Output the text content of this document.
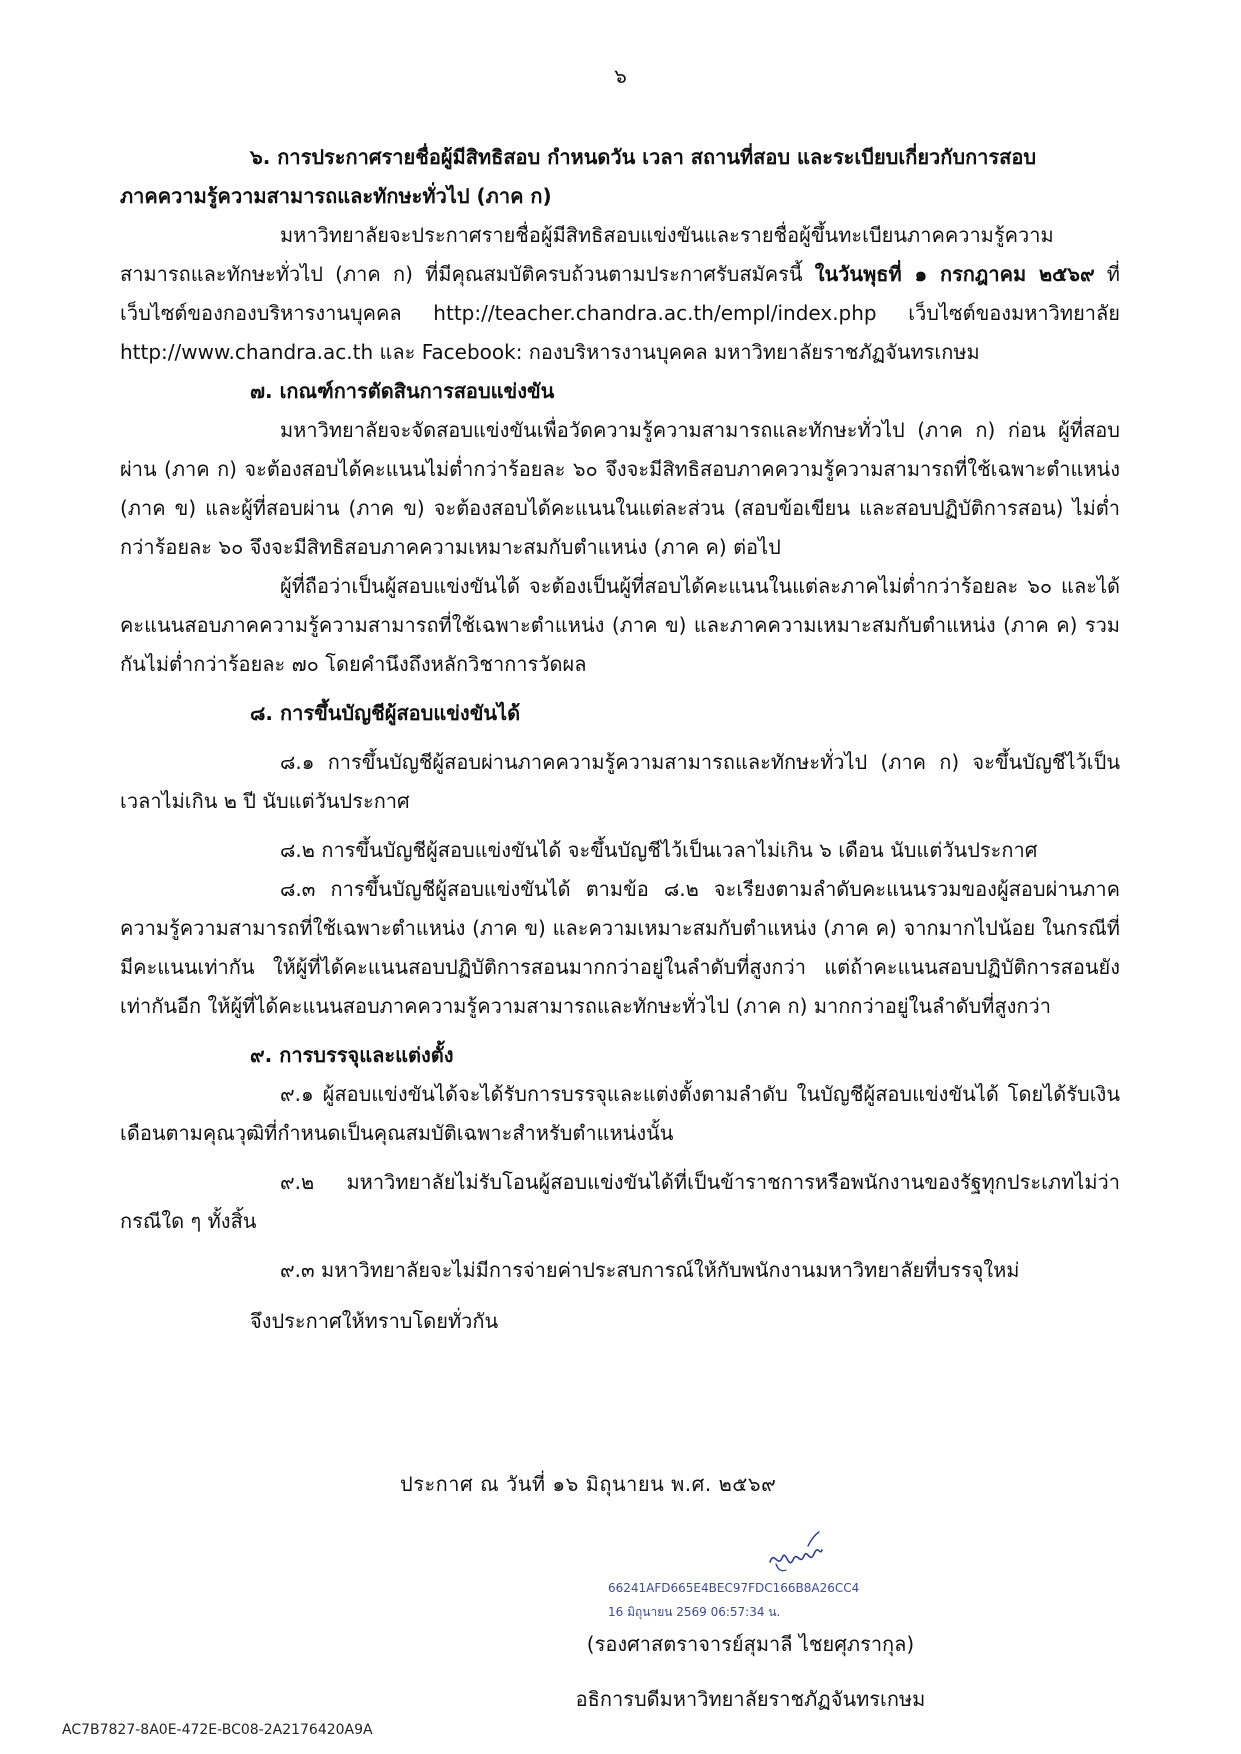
๖

๖. การประกาศรายชื่อผู้มีสิทธิสอบ กำหนดวัน เวลา สถานที่สอบ และระเบียบเกี่ยวกับการสอบ

ภาคความรู้ความสามารถและทักษะทั่วไป (ภาค ก)

มหาวิทยาลัยจะประกาศรายชื่อผู้มีสิทธิสอบแข่งขันและรายชื่อผู้ขึ้นทะเบียนภาคความรู้ความสามารถและทักษะทั่วไป (ภาค ก) ที่มีคุณสมบัติครบถ้วนตามประกาศรับสมัครนี้ ในวันพุธที่ ๑ กรกฎาคม ๒๕๖๙ ที่เว็บไซต์ของกองบริหารงานบุคคล http://teacher.chandra.ac.th/empl/index.php เว็บไซต์ของมหาวิทยาลัย http://www.chandra.ac.th และ Facebook: กองบริหารงานบุคคล มหาวิทยาลัยราชภัฏจันทรเกษม

๗. เกณฑ์การตัดสินการสอบแข่งขัน

มหาวิทยาลัยจะจัดสอบแข่งขันเพื่อวัดความรู้ความสามารถและทักษะทั่วไป (ภาค ก) ก่อน ผู้ที่สอบผ่าน (ภาค ก) จะต้องสอบได้คะแนนไม่ต่ำกว่าร้อยละ ๖๐ จึงจะมีสิทธิสอบภาคความรู้ความสามารถที่ใช้เฉพาะตำแหน่ง (ภาค ข) และผู้ที่สอบผ่าน (ภาค ข) จะต้องสอบได้คะแนนในแต่ละส่วน (สอบข้อเขียน และสอบปฏิบัติการสอน) ไม่ต่ำกว่าร้อยละ ๖๐ จึงจะมีสิทธิสอบภาคความเหมาะสมกับตำแหน่ง (ภาค ค) ต่อไป

ผู้ที่ถือว่าเป็นผู้สอบแข่งขันได้ จะต้องเป็นผู้ที่สอบได้คะแนนในแต่ละภาคไม่ต่ำกว่าร้อยละ ๖๐ และได้คะแนนสอบภาคความรู้ความสามารถที่ใช้เฉพาะตำแหน่ง (ภาค ข) และภาคความเหมาะสมกับตำแหน่ง (ภาค ค) รวมกันไม่ต่ำกว่าร้อยละ ๗๐ โดยคำนึงถึงหลักวิชาการวัดผล

๘. การขึ้นบัญชีผู้สอบแข่งขันได้

๘.๑ การขึ้นบัญชีผู้สอบผ่านภาคความรู้ความสามารถและทักษะทั่วไป (ภาค ก) จะขึ้นบัญชีไว้เป็นเวลาไม่เกิน ๒ ปี นับแต่วันประกาศ

๘.๒ การขึ้นบัญชีผู้สอบแข่งขันได้ จะขึ้นบัญชีไว้เป็นเวลาไม่เกิน ๖ เดือน นับแต่วันประกาศ

๘.๓ การขึ้นบัญชีผู้สอบแข่งขันได้ ตามข้อ ๘.๒ จะเรียงตามลำดับคะแนนรวมของผู้สอบผ่านภาคความรู้ความสามารถที่ใช้เฉพาะตำแหน่ง (ภาค ข) และความเหมาะสมกับตำแหน่ง (ภาค ค) จากมากไปน้อย ในกรณีที่มีคะแนนเท่ากัน ให้ผู้ที่ได้คะแนนสอบปฏิบัติการสอนมากกว่าอยู่ในลำดับที่สูงกว่า แต่ถ้าคะแนนสอบปฏิบัติการสอนยังเท่ากันอีก ให้ผู้ที่ได้คะแนนสอบภาคความรู้ความสามารถและทักษะทั่วไป (ภาค ก) มากกว่าอยู่ในลำดับที่สูงกว่า

๙. การบรรจุและแต่งตั้ง

๙.๑ ผู้สอบแข่งขันได้จะได้รับการบรรจุและแต่งตั้งตามลำดับ ในบัญชีผู้สอบแข่งขันได้ โดยได้รับเงินเดือนตามคุณวุฒิที่กำหนดเป็นคุณสมบัติเฉพาะสำหรับตำแหน่งนั้น

๙.๒ มหาวิทยาลัยไม่รับโอนผู้สอบแข่งขันได้ที่เป็นข้าราชการหรือพนักงานของรัฐทุกประเภทไม่ว่ากรณีใด ๆ ทั้งสิ้น

๙.๓ มหาวิทยาลัยจะไม่มีการจ่ายค่าประสบการณ์ให้กับพนักงานมหาวิทยาลัยที่บรรจุใหม่

จึงประกาศให้ทราบโดยทั่วกัน

ประกาศ ณ วันที่ ๑๖ มิถุนายน พ.ศ. ๒๕๖๙
66241AFD665E4BEC97FDC166B8A26CC4
16 มิถุนายน 2569 06:57:34 น.
(รองศาสตราจารย์สุมาลี ไชยศุภรากุล)
อธิการบดีมหาวิทยาลัยราชภัฏจันทรเกษม
AC7B7827-8A0E-472E-BC08-2A2176420A9A
